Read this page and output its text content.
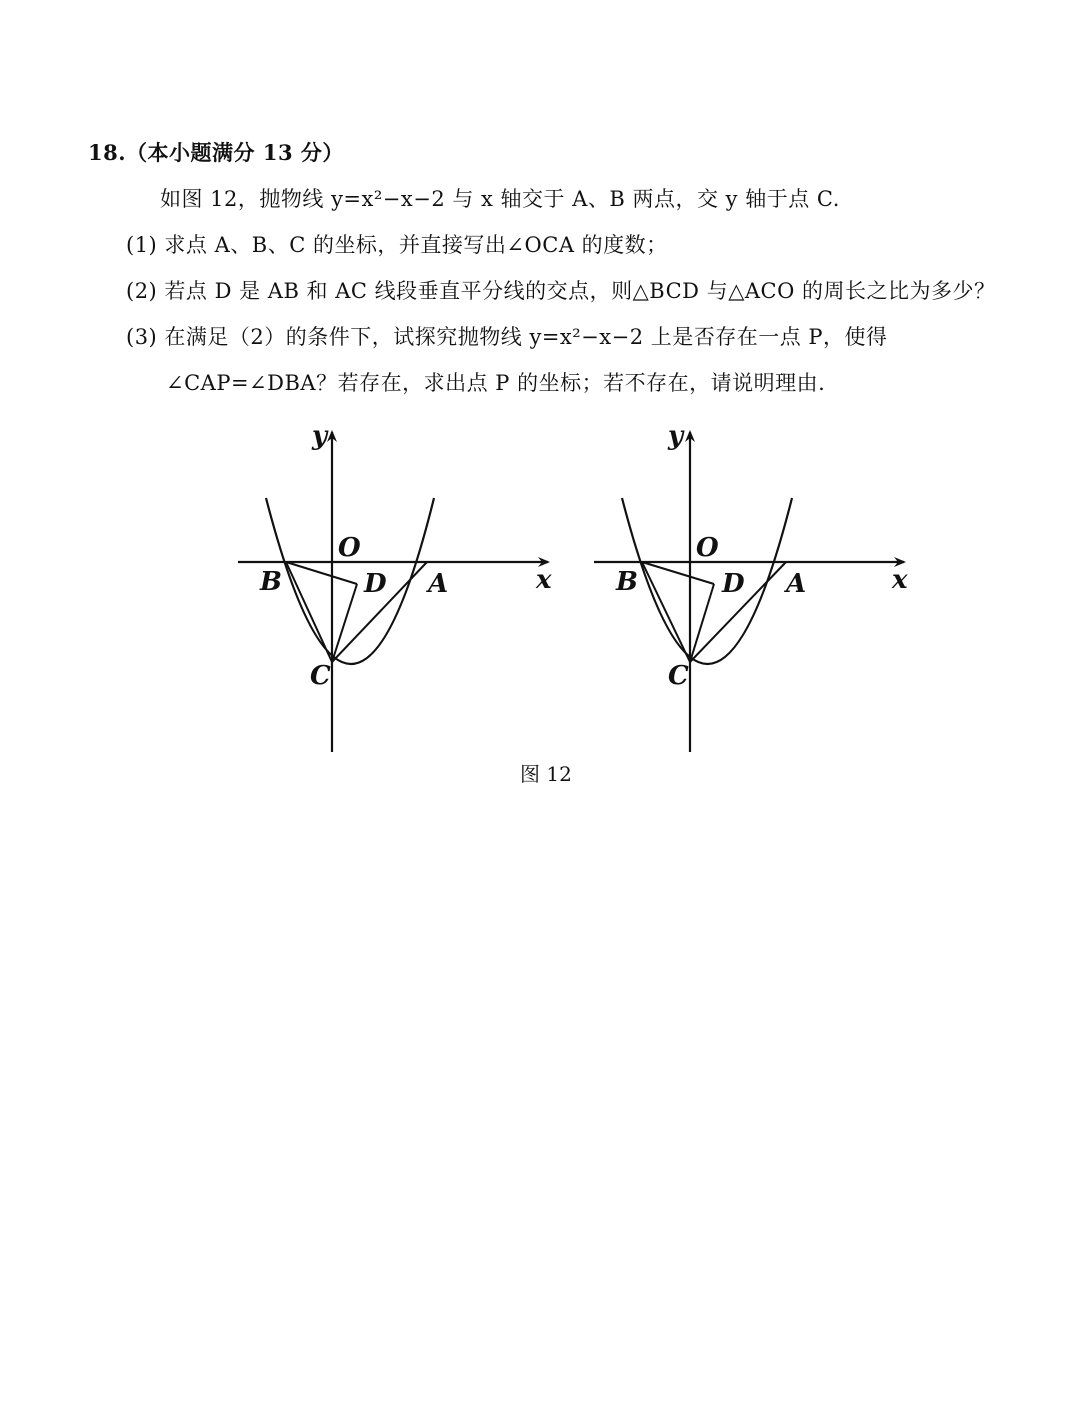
18.（本小题满分 13 分）
如图 12，抛物线 y=x²−x−2 与 x 轴交于 A、B 两点，交 y 轴于点 C.
(1) 求点 A、B、C 的坐标，并直接写出∠OCA 的度数；
(2) 若点 D 是 AB 和 AC 线段垂直平分线的交点，则△BCD 与△ACO 的周长之比为多少？
(3) 在满足（2）的条件下，试探究抛物线 y=x²−x−2 上是否存在一点 P，使得
∠CAP=∠DBA？若存在，求出点 P 的坐标；若不存在，请说明理由.
y
O
x
B	D A
C
y
O
x
B	D A
C
图 12
